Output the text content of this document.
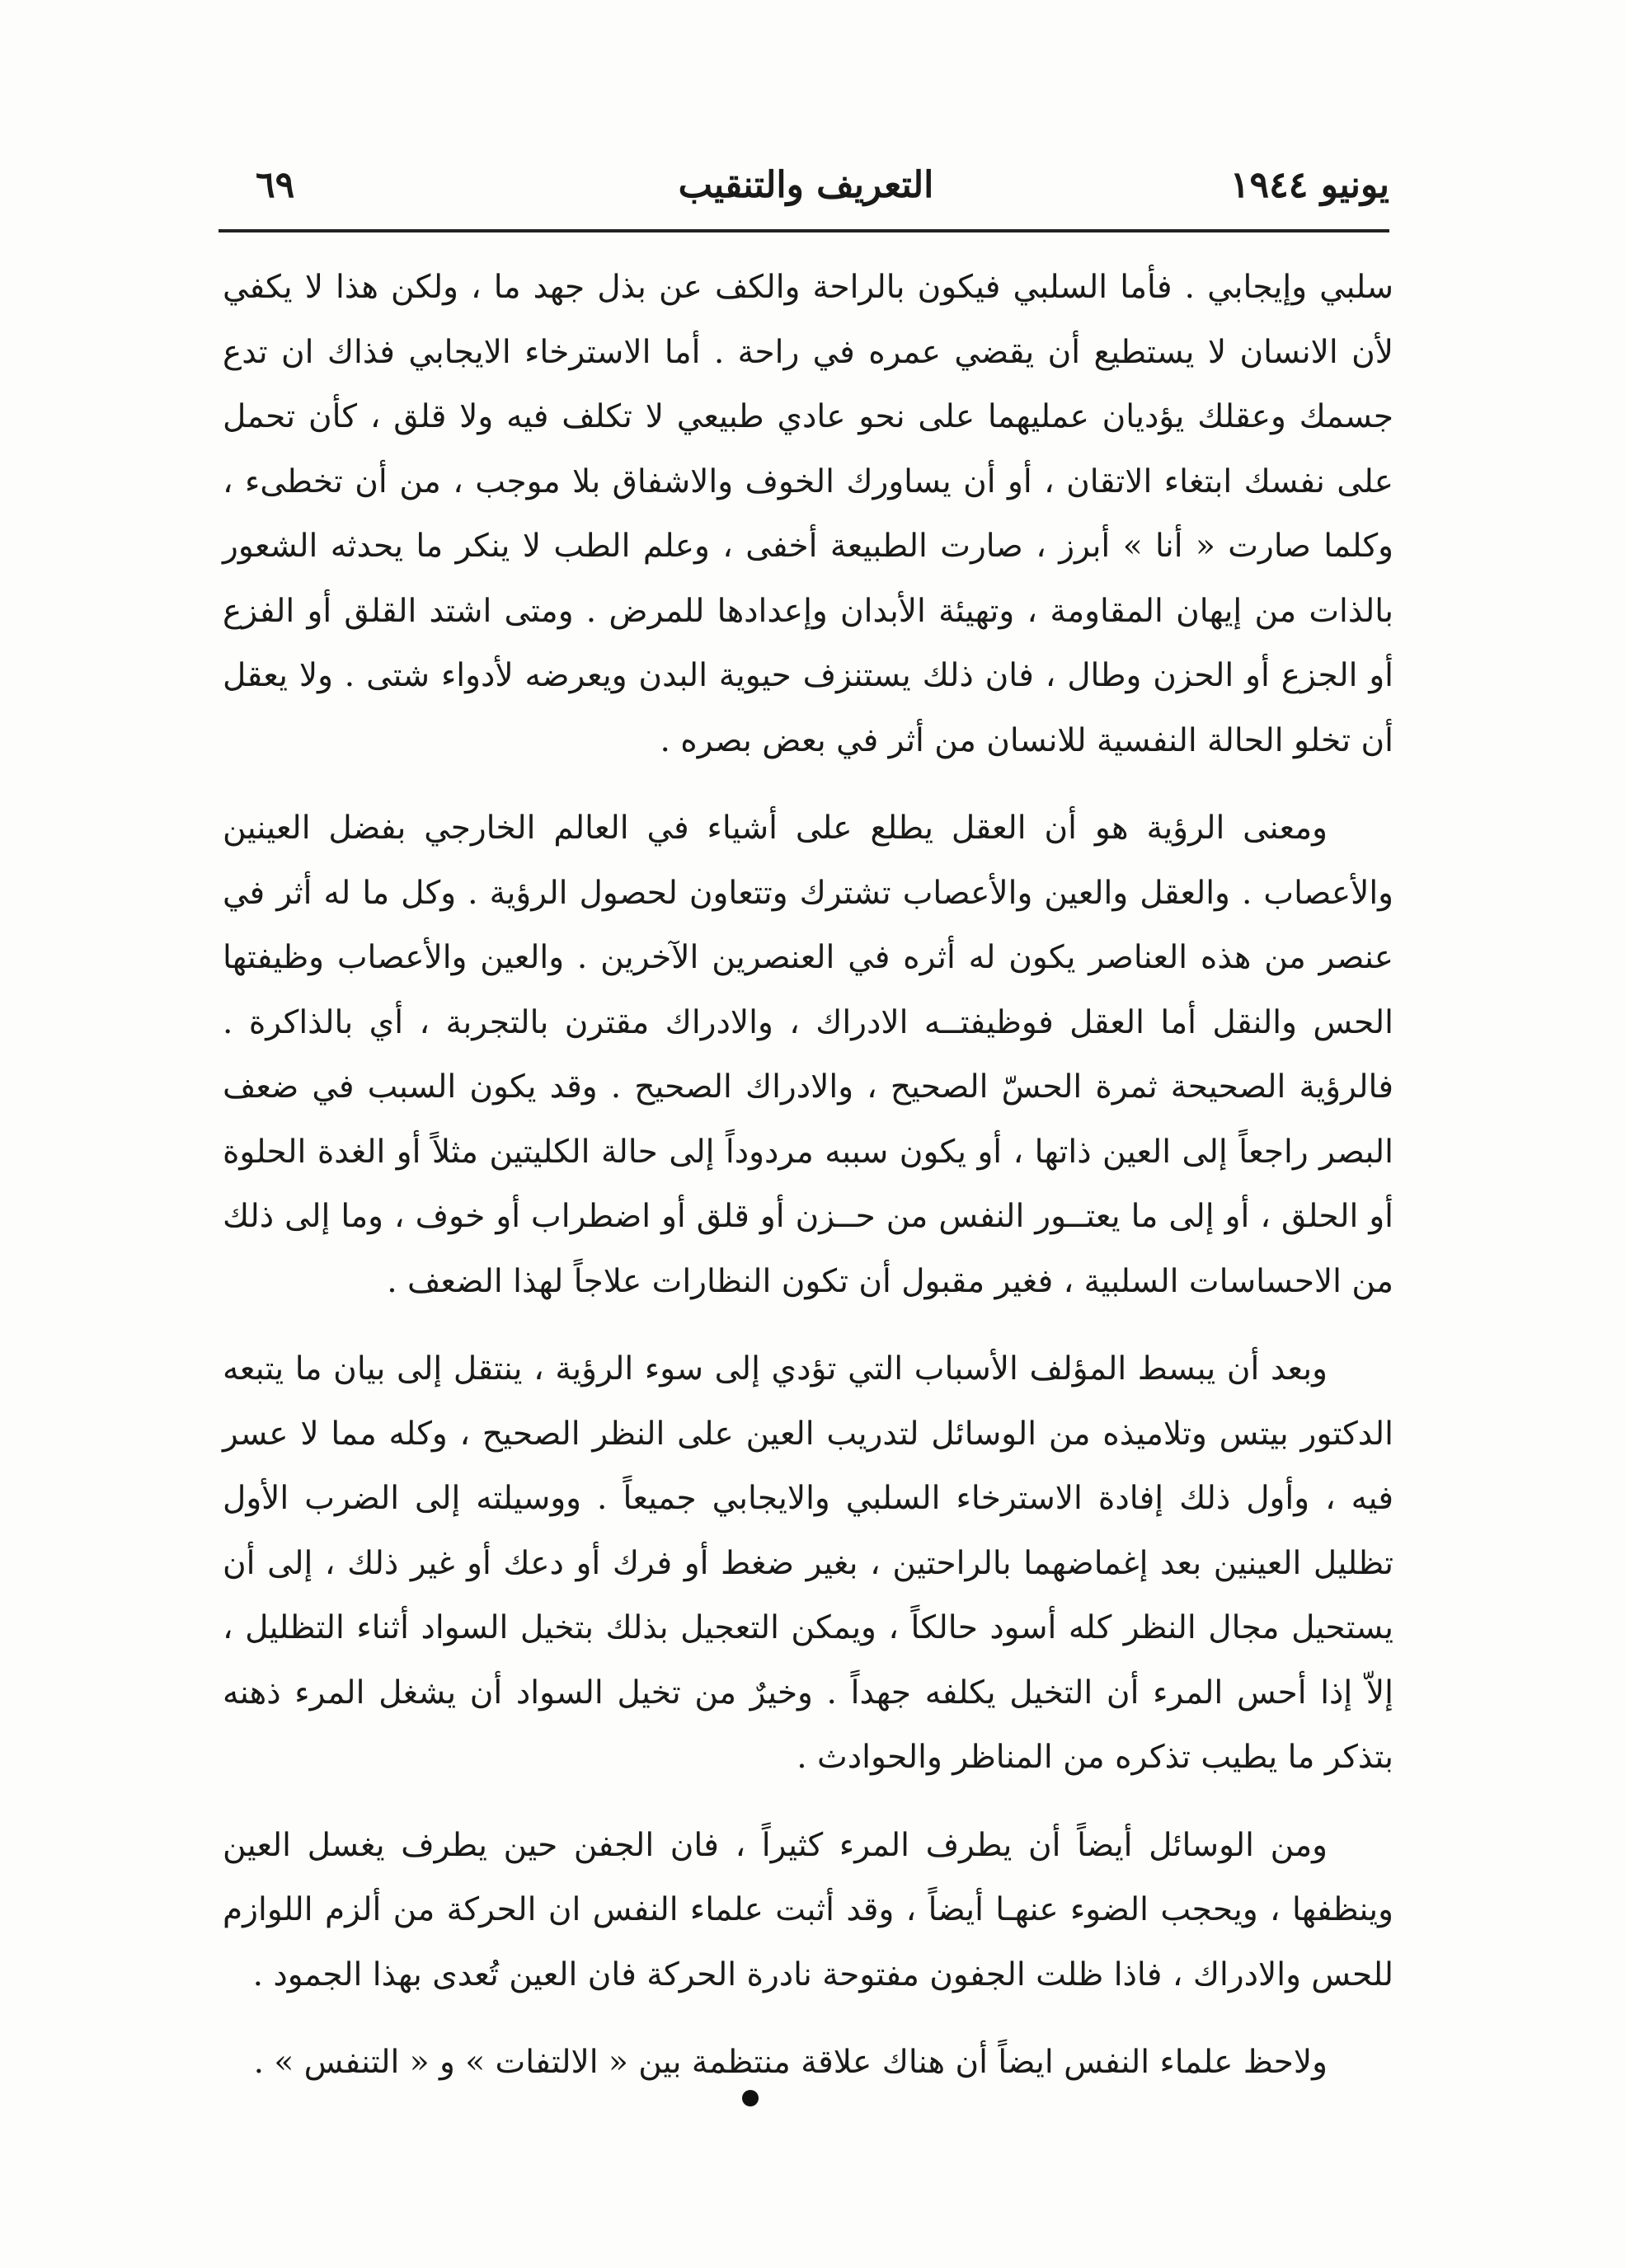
٦٩	التعريف والتنقيب	يونيو ١٩٤٤

سلبي وإيجابي . فأما السلبي فيكون بالراحة والكف عن بذل جهد ما ، ولكن هذا لا يكفي لأن الانسان لا يستطيع أن يقضي عمره في راحة . أما الاسترخاء الايجابي فذاك ان تدع جسمك وعقلك يؤديان عمليهما على نحو عادي طبيعي لا تكلف فيه ولا قلق ، كأن تحمل على نفسك ابتغاء الاتقان ، أو أن يساورك الخوف والاشفاق بلا موجب ، من أن تخطىء ، وكلما صارت « أنا » أبرز ، صارت الطبيعة أخفى ، وعلم الطب لا ينكر ما يحدثه الشعور بالذات من إيهان المقاومة ، وتهيئة الأبدان وإعدادها للمرض . ومتى اشتد القلق أو الفزع أو الجزع أو الحزن وطال ، فان ذلك يستنزف حيوية البدن ويعرضه لأدواء شتى . ولا يعقل أن تخلو الحالة النفسية للانسان من أثر في بعض بصره .

ومعنى الرؤية هو أن العقل يطلع على أشياء في العالم الخارجي بفضل العينين والأعصاب . والعقل والعين والأعصاب تشترك وتتعاون لحصول الرؤية . وكل ما له أثر في عنصر من هذه العناصر يكون له أثره في العنصرين الآخرين . والعين والأعصاب وظيفتها الحس والنقل أما العقل فوظيفتــه الادراك ، والادراك مقترن بالتجربة ، أي بالذاكرة . فالرؤية الصحيحة ثمرة الحسّ الصحيح ، والادراك الصحيح . وقد يكون السبب في ضعف البصر راجعاً إلى العين ذاتها ، أو يكون سببه مردوداً إلى حالة الكليتين مثلاً أو الغدة الحلوة أو الحلق ، أو إلى ما يعتــور النفس من حــزن أو قلق أو اضطراب أو خوف ، وما إلى ذلك من الاحساسات السلبية ، فغير مقبول أن تكون النظارات علاجاً لهذا الضعف .

وبعد أن يبسط المؤلف الأسباب التي تؤدي إلى سوء الرؤية ، ينتقل إلى بيان ما يتبعه الدكتور بيتس وتلاميذه من الوسائل لتدريب العين على النظر الصحيح ، وكله مما لا عسر فيه ، وأول ذلك إفادة الاسترخاء السلبي والايجابي جميعاً . ووسيلته إلى الضرب الأول تظليل العينين بعد إغماضهما بالراحتين ، بغير ضغط أو فرك أو دعك أو غير ذلك ، إلى أن يستحيل مجال النظر كله أسود حالكاً ، ويمكن التعجيل بذلك بتخيل السواد أثناء التظليل ، إلاّ إذا أحس المرء أن التخيل يكلفه جهداً . وخيرٌ من تخيل السواد أن يشغل المرء ذهنه بتذكر ما يطيب تذكره من المناظر والحوادث .

ومن الوسائل أيضاً أن يطرف المرء كثيراً ، فان الجفن حين يطرف يغسل العين وينظفها ، ويحجب الضوء عنهـا أيضاً ، وقد أثبت علماء النفس ان الحركة من ألزم اللوازم للحس والادراك ، فاذا ظلت الجفون مفتوحة نادرة الحركة فان العين تُعدى بهذا الجمود .

ولاحظ علماء النفس ايضاً أن هناك علاقة منتظمة بين « الالتفات » و « التنفس » .
